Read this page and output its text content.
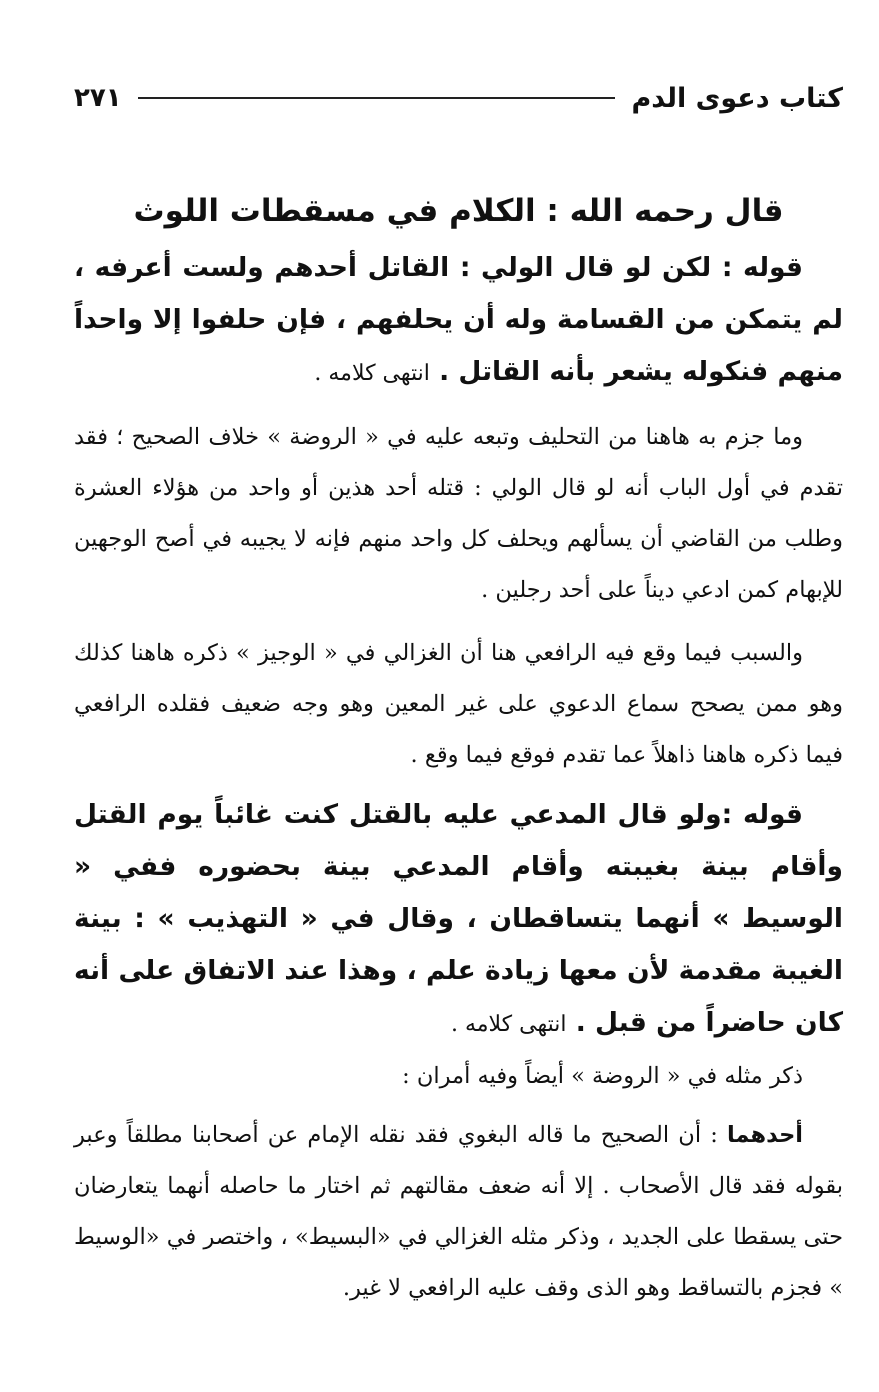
كتاب دعوى الدم
٢٧١
قال رحمه الله : الكلام في مسقطات اللوث

قوله : لكن لو قال الولي : القاتل أحدهم ولست أعرفه ، لم يتمكن من القسامة وله أن يحلفهم ، فإن حلفوا إلا واحداً منهم فنكوله يشعر بأنه القاتل . انتهى كلامه .

وما جزم به هاهنا من التحليف وتبعه عليه في « الروضة » خلاف الصحيح ؛ فقد تقدم في أول الباب أنه لو قال الولي : قتله أحد هذين أو واحد من هؤلاء العشرة وطلب من القاضي أن يسألهم ويحلف كل واحد منهم فإنه لا يجيبه في أصح الوجهين للإبهام كمن ادعي ديناً على أحد رجلين .

والسبب فيما وقع فيه الرافعي هنا أن الغزالي في « الوجيز » ذكره هاهنا كذلك وهو ممن يصحح سماع الدعوي على غير المعين وهو وجه ضعيف فقلده الرافعي فيما ذكره هاهنا ذاهلاً عما تقدم فوقع فيما وقع .

قوله :ولو قال المدعي عليه بالقتل كنت غائباً يوم القتل وأقام بينة بغيبته وأقام المدعي بينة بحضوره ففي « الوسيط » أنهما يتساقطان ، وقال في « التهذيب » : بينة الغيبة مقدمة لأن معها زيادة علم ، وهذا عند الاتفاق على أنه كان حاضراً من قبل . انتهى كلامه .

ذكر مثله في « الروضة » أيضاً وفيه أمران :

أحدهما : أن الصحيح ما قاله البغوي فقد نقله الإمام عن أصحابنا مطلقاً وعبر بقوله فقد قال الأصحاب . إلا أنه ضعف مقالتهم ثم اختار ما حاصله أنهما يتعارضان حتى يسقطا على الجديد ، وذكر مثله الغزالي في «البسيط» ، واختصر في «الوسيط » فجزم بالتساقط وهو الذى وقف عليه الرافعي لا غير.
